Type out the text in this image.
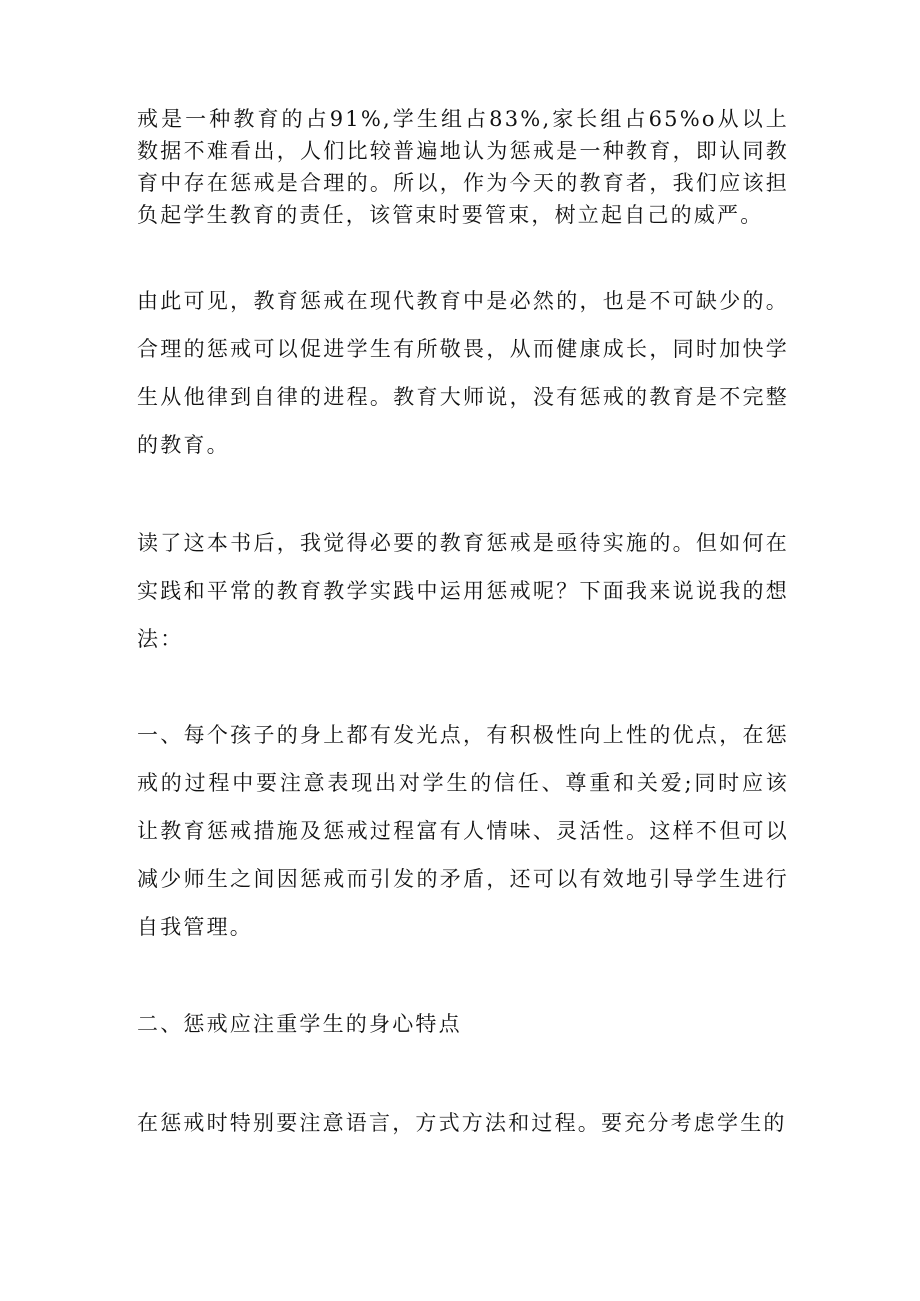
戒是一种教育的占91%,学生组占83%,家长组占65%o从以上数据不难看出，人们比较普遍地认为惩戒是一种教育，即认同教育中存在惩戒是合理的。所以，作为今天的教育者，我们应该担负起学生教育的责任，该管束时要管束，树立起自己的威严。

由此可见，教育惩戒在现代教育中是必然的，也是不可缺少的。合理的惩戒可以促进学生有所敬畏，从而健康成长，同时加快学生从他律到自律的进程。教育大师说，没有惩戒的教育是不完整的教育。

读了这本书后，我觉得必要的教育惩戒是亟待实施的。但如何在实践和平常的教育教学实践中运用惩戒呢？下面我来说说我的想法：

一、每个孩子的身上都有发光点，有积极性向上性的优点，在惩戒的过程中要注意表现出对学生的信任、尊重和关爱;同时应该让教育惩戒措施及惩戒过程富有人情味、灵活性。这样不但可以减少师生之间因惩戒而引发的矛盾，还可以有效地引导学生进行自我管理。

二、惩戒应注重学生的身心特点

在惩戒时特别要注意语言，方式方法和过程。要充分考虑学生的
